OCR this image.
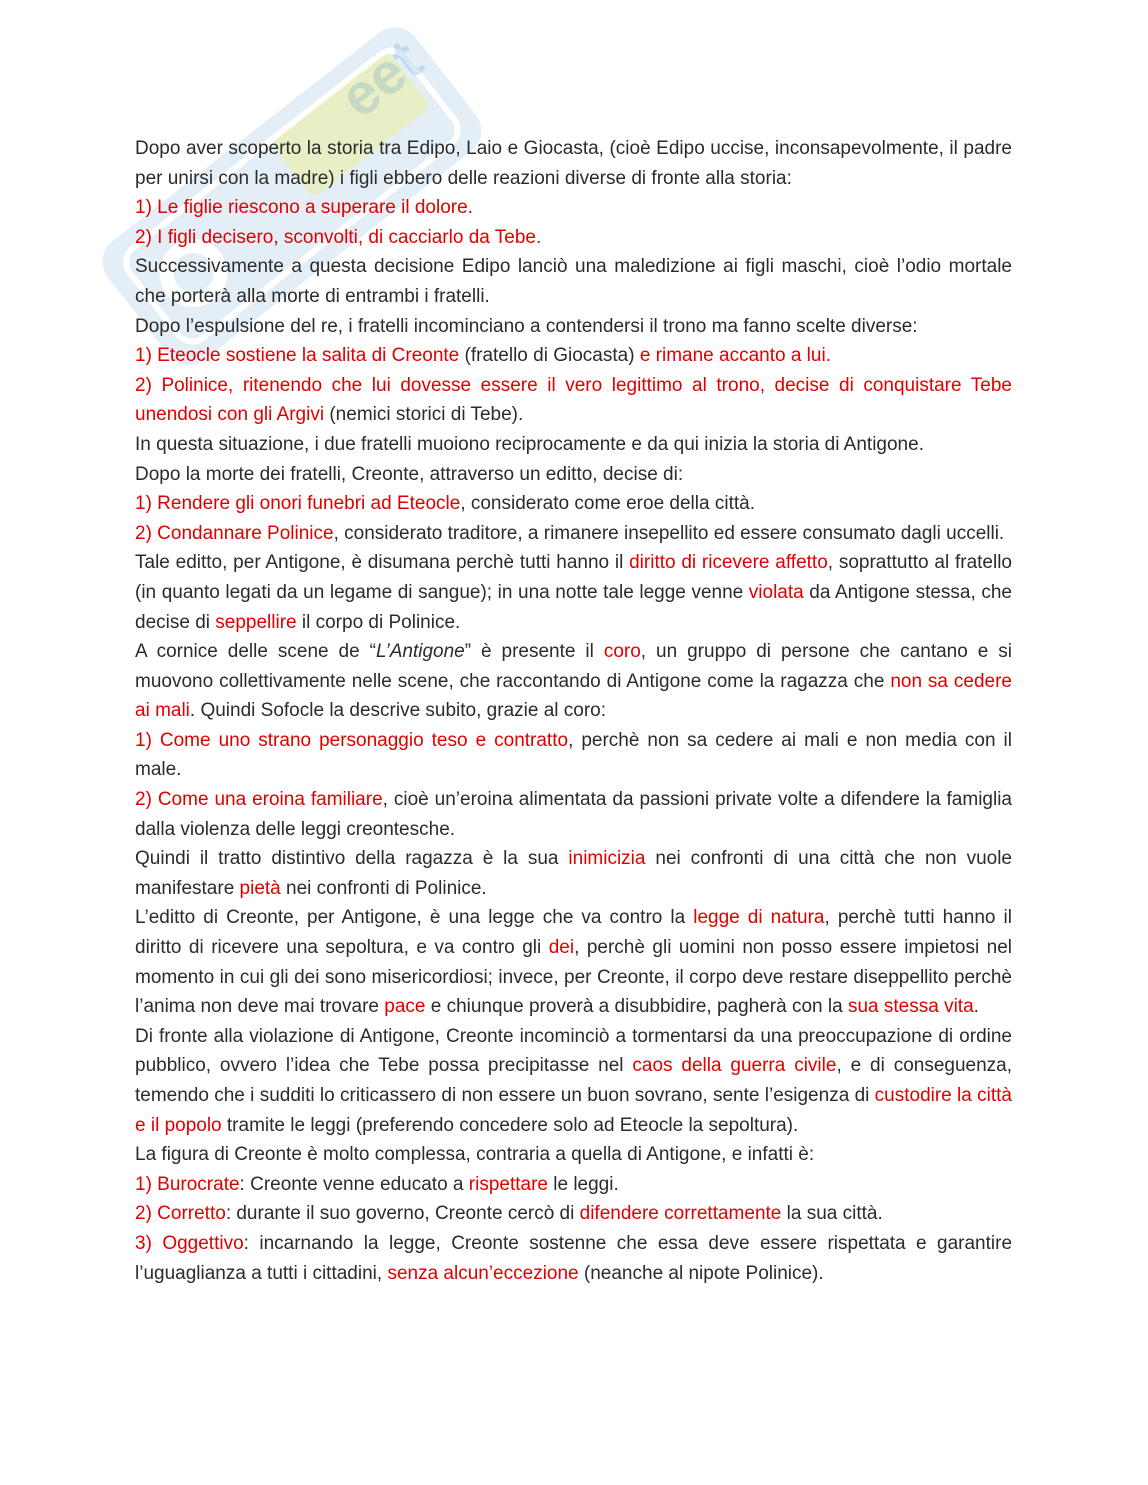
eet

Dopo aver scoperto la storia tra Edipo, Laio e Giocasta, (cioè Edipo uccise, inconsapevolmente, il padre per unirsi con la madre) i figli ebbero delle reazioni diverse di fronte alla storia:

1) Le figlie riescono a superare il dolore.

2) I figli decisero, sconvolti, di cacciarlo da Tebe.

Successivamente a questa decisione Edipo lanciò una maledizione ai figli maschi, cioè l’odio mortale che porterà alla morte di entrambi i fratelli.

Dopo l’espulsione del re, i fratelli incominciano a contendersi il trono ma fanno scelte diverse:

1) Eteocle sostiene la salita di Creonte (fratello di Giocasta) e rimane accanto a lui.

2) Polinice, ritenendo che lui dovesse essere il vero legittimo al trono, decise di conquistare Tebe unendosi con gli Argivi (nemici storici di Tebe).

In questa situazione, i due fratelli muoiono reciprocamente e da qui inizia la storia di Antigone.

Dopo la morte dei fratelli, Creonte, attraverso un editto, decise di:

1) Rendere gli onori funebri ad Eteocle, considerato come eroe della città.

2) Condannare Polinice, considerato traditore, a rimanere insepellito ed essere consumato dagli uccelli.

Tale editto, per Antigone, è disumana perchè tutti hanno il diritto di ricevere affetto, soprattutto al fratello (in quanto legati da un legame di sangue); in una notte tale legge venne violata da Antigone stessa, che decise di seppellire il corpo di Polinice.

A cornice delle scene de “L’Antigone” è presente il coro, un gruppo di persone che cantano e si muovono collettivamente nelle scene, che raccontando di Antigone come la ragazza che non sa cedere ai mali. Quindi Sofocle la descrive subito, grazie al coro:

1) Come uno strano personaggio teso e contratto, perchè non sa cedere ai mali e non media con il male.

2) Come una eroina familiare, cioè un’eroina alimentata da passioni private volte a difendere la famiglia dalla violenza delle leggi creontesche.

Quindi il tratto distintivo della ragazza è la sua inimicizia nei confronti di una città che non vuole manifestare pietà nei confronti di Polinice.

L’editto di Creonte, per Antigone, è una legge che va contro la legge di natura, perchè tutti hanno il diritto di ricevere una sepoltura, e va contro gli dei, perchè gli uomini non posso essere impietosi nel momento in cui gli dei sono misericordiosi; invece, per Creonte, il corpo deve restare diseppellito perchè l’anima non deve mai trovare pace e chiunque proverà a disubbidire, pagherà con la sua stessa vita.

Di fronte alla violazione di Antigone, Creonte incominciò a tormentarsi da una preoccupazione di ordine pubblico, ovvero l’idea che Tebe possa precipitasse nel caos della guerra civile, e di conseguenza, temendo che i sudditi lo criticassero di non essere un buon sovrano, sente l’esigenza di custodire la città e il popolo tramite le leggi (preferendo concedere solo ad Eteocle la sepoltura).

La figura di Creonte è molto complessa, contraria a quella di Antigone, e infatti è:

1) Burocrate: Creonte venne educato a rispettare le leggi.

2) Corretto: durante il suo governo, Creonte cercò di difendere correttamente la sua città.

3) Oggettivo: incarnando la legge, Creonte sostenne che essa deve essere rispettata e garantire l’uguaglianza a tutti i cittadini, senza alcun’eccezione (neanche al nipote Polinice).
